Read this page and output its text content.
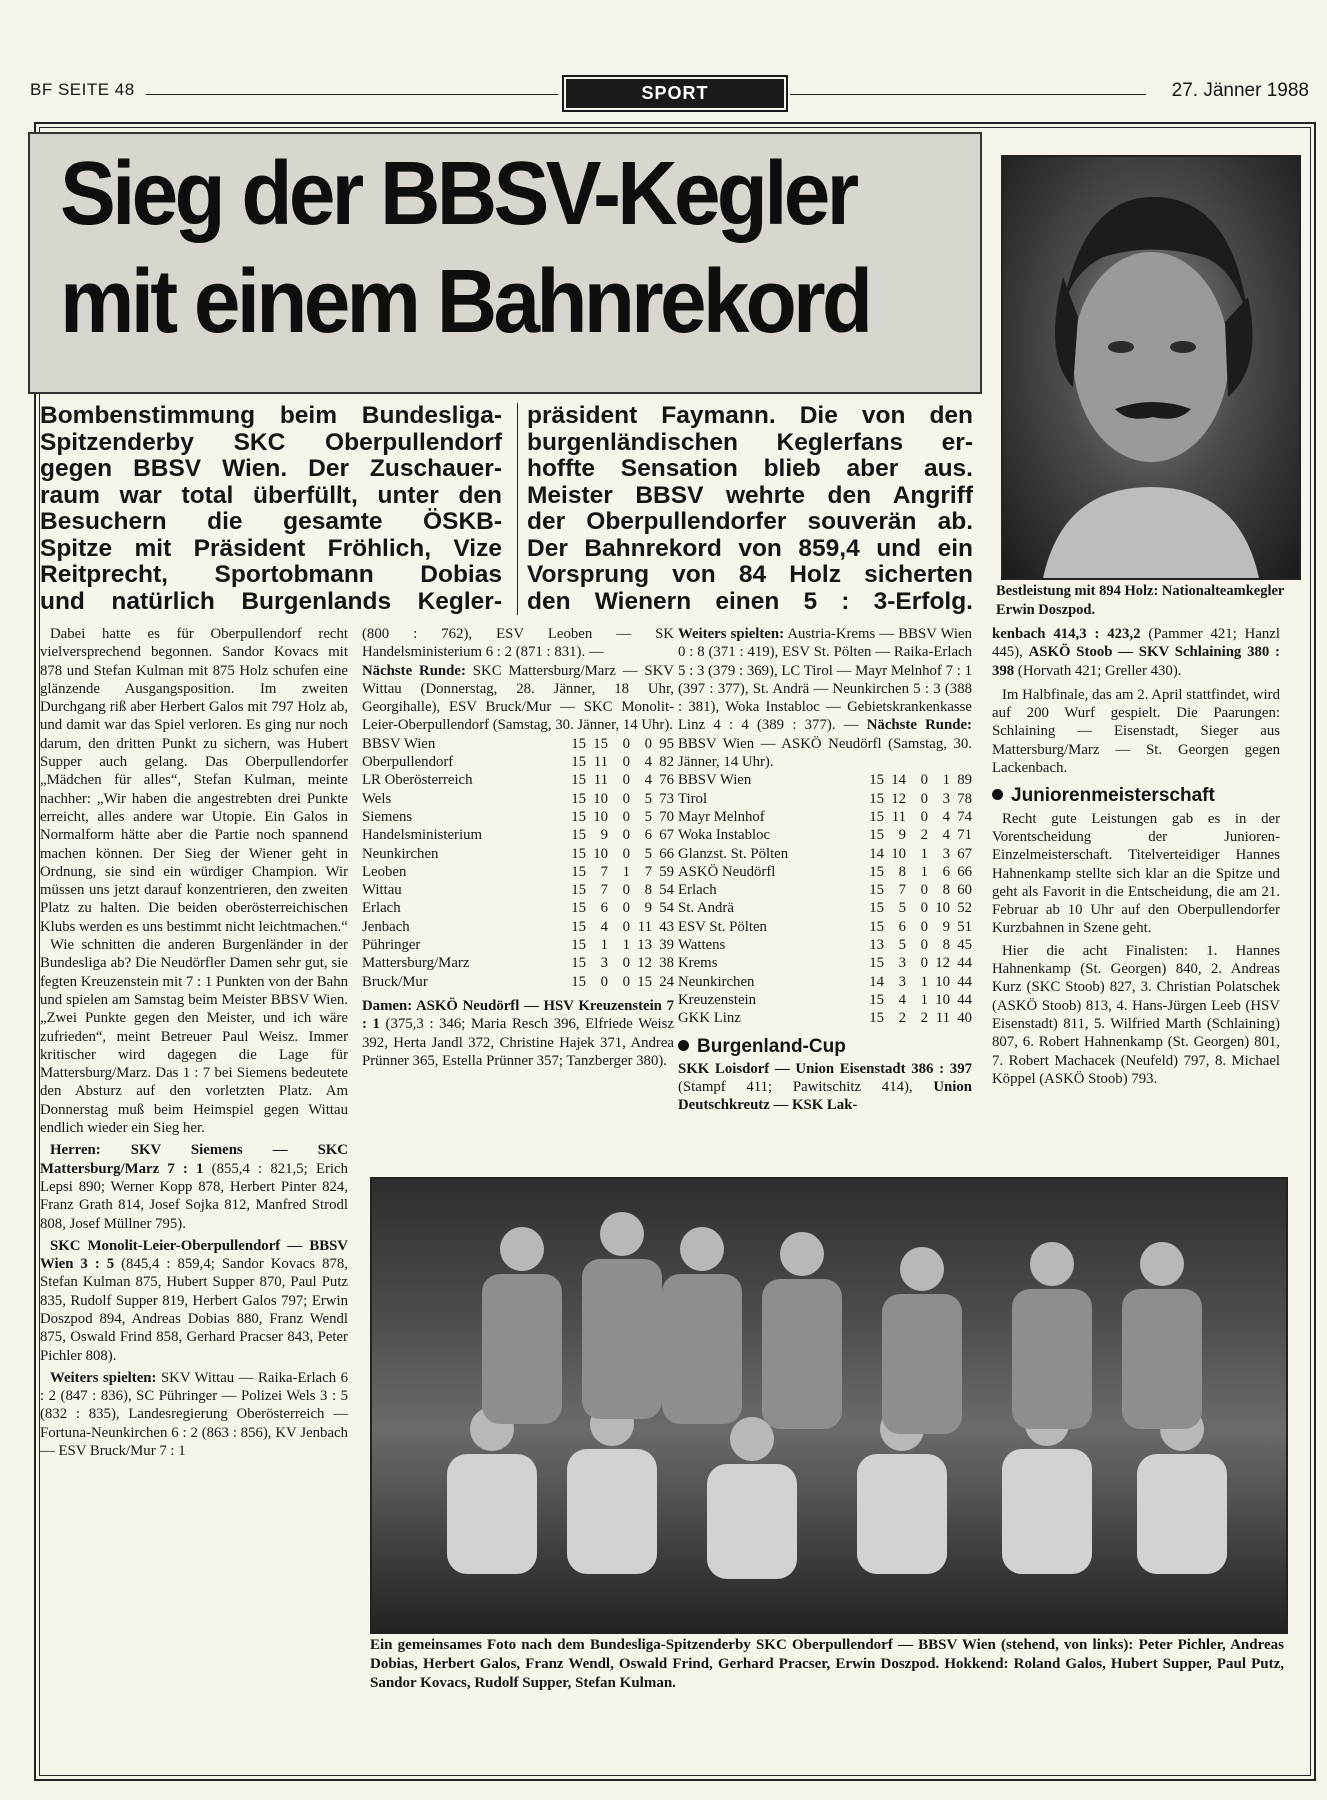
BF SEITE 48	SPORT	27. Jänner 1988
Sieg der BBSV-Kegler
mit einem Bahnrekord
Bestleistung mit 894 Holz: Nationalteamkegler Erwin Doszpod.
Bombenstimmung beim Bundesliga-
Spitzenderby SKC Oberpullendorf
gegen BBSV Wien. Der Zuschauer-
raum war total überfüllt, unter den
Besuchern die gesamte ÖSKB-
Spitze mit Präsident Fröhlich, Vize
Reitprecht, Sportobmann Dobias
und natürlich Burgenlands Kegler-
präsident Faymann. Die von den
burgenländischen Keglerfans er-
hoffte Sensation blieb aber aus.
Meister BBSV wehrte den Angriff
der Oberpullendorfer souverän ab.
Der Bahnrekord von 859,4 und ein
Vorsprung von 84 Holz sicherten
den Wienern einen 5 : 3-Erfolg.

Dabei hatte es für Oberpullendorf recht vielversprechend begonnen. Sandor Kovacs mit 878 und Stefan Kulman mit 875 Holz schufen eine glänzende Ausgangsposition. Im zweiten Durchgang riß aber Herbert Galos mit 797 Holz ab, und damit war das Spiel verloren. Es ging nur noch darum, den dritten Punkt zu sichern, was Hubert Supper auch gelang. Das Oberpullendorfer „Mädchen für alles“, Stefan Kulman, meinte nachher: „Wir haben die angestrebten drei Punkte erreicht, alles andere war Utopie. Ein Galos in Normalform hätte aber die Partie noch spannend machen können. Der Sieg der Wiener geht in Ordnung, sie sind ein würdiger Champion. Wir müssen uns jetzt darauf konzentrieren, den zweiten Platz zu halten. Die beiden oberösterreichischen Klubs werden es uns bestimmt nicht leichtmachen.“

Wie schnitten die anderen Burgenländer in der Bundesliga ab? Die Neudörfler Damen sehr gut, sie fegten Kreuzenstein mit 7 : 1 Punkten von der Bahn und spielen am Samstag beim Meister BBSV Wien. „Zwei Punkte gegen den Meister, und ich wäre zufrieden“, meint Betreuer Paul Weisz. Immer kritischer wird dagegen die Lage für Mattersburg/Marz. Das 1 : 7 bei Siemens bedeutete den Absturz auf den vorletzten Platz. Am Donnerstag muß beim Heimspiel gegen Wittau endlich wieder ein Sieg her.

Herren: SKV Siemens — SKC Mattersburg/Marz 7 : 1 (855,4 : 821,5; Erich Lepsi 890; Werner Kopp 878, Herbert Pinter 824, Franz Grath 814, Josef Sojka 812, Manfred Strodl 808, Josef Müllner 795).

SKC Monolit-Leier-Oberpullendorf — BBSV Wien 3 : 5 (845,4 : 859,4; Sandor Kovacs 878, Stefan Kulman 875, Hubert Supper 870, Paul Putz 835, Rudolf Supper 819, Herbert Galos 797; Erwin Doszpod 894, Andreas Dobias 880, Franz Wendl 875, Oswald Frind 858, Gerhard Pracser 843, Peter Pichler 808).

Weiters spielten: SKV Wittau — Raika-Erlach 6 : 2 (847 : 836), SC Pühringer — Polizei Wels 3 : 5 (832 : 835), Landesregierung Oberösterreich — Fortuna-Neunkirchen 6 : 2 (863 : 856), KV Jenbach — ESV Bruck/Mur 7 : 1

(800 : 762), ESV Leoben — SK Handelsministerium 6 : 2 (871 : 831). —

Nächste Runde: SKC Mattersburg/Marz — SKV Wittau (Donnerstag, 28. Jänner, 18 Uhr, Georgihalle), ESV Bruck/Mur — SKC Monolit-Leier-Oberpullendorf (Samstag, 30. Jänner, 14 Uhr).

BBSV Wien	15	15	0	0	95
Oberpullendorf	15	11	0	4	82
LR Oberösterreich	15	11	0	4	76
Wels	15	10	0	5	73
Siemens	15	10	0	5	70
Handelsministerium	15	9	0	6	67
Neunkirchen	15	10	0	5	66
Leoben	15	7	1	7	59
Wittau	15	7	0	8	54
Erlach	15	6	0	9	54
Jenbach	15	4	0	11	43
Pühringer	15	1	1	13	39
Mattersburg/Marz	15	3	0	12	38
Bruck/Mur	15	0	0	15	24

Damen: ASKÖ Neudörfl — HSV Kreuzenstein 7 : 1 (375,3 : 346; Maria Resch 396, Elfriede Weisz 392, Herta Jandl 372, Christine Hajek 371, Andrea Prünner 365, Estella Prünner 357; Tanzberger 380).

Weiters spielten: Austria-Krems — BBSV Wien 0 : 8 (371 : 419), ESV St. Pölten — Raika-Erlach 5 : 3 (379 : 369), LC Tirol — Mayr Melnhof 7 : 1 (397 : 377), St. Andrä — Neunkirchen 5 : 3 (388 : 381), Woka Instabloc — Gebietskrankenkasse Linz 4 : 4 (389 : 377). — Nächste Runde: BBSV Wien — ASKÖ Neudörfl (Samstag, 30. Jänner, 14 Uhr).

BBSV Wien	15	14	0	1	89
Tirol	15	12	0	3	78
Mayr Melnhof	15	11	0	4	74
Woka Instabloc	15	9	2	4	71
Glanzst. St. Pölten	14	10	1	3	67
ASKÖ Neudörfl	15	8	1	6	66
Erlach	15	7	0	8	60
St. Andrä	15	5	0	10	52
ESV St. Pölten	15	6	0	9	51
Wattens	13	5	0	8	45
Krems	15	3	0	12	44
Neunkirchen	14	3	1	10	44
Kreuzenstein	15	4	1	10	44
GKK Linz	15	2	2	11	40
Burgenland-Cup

SKK Loisdorf — Union Eisenstadt 386 : 397 (Stampf 411; Pawitschitz 414), Union Deutschkreutz — KSK Lak-

kenbach 414,3 : 423,2 (Pammer 421; Hanzl 445), ASKÖ Stoob — SKV Schlaining 380 : 398 (Horvath 421; Greller 430).

Im Halbfinale, das am 2. April stattfindet, wird auf 200 Wurf gespielt. Die Paarungen: Schlaining — Eisenstadt, Sieger aus Mattersburg/Marz — St. Georgen gegen Lackenbach.

Juniorenmeisterschaft

Recht gute Leistungen gab es in der Vorentscheidung der Junioren-Einzelmeisterschaft. Titelverteidiger Hannes Hahnenkamp stellte sich klar an die Spitze und geht als Favorit in die Entscheidung, die am 21. Februar ab 10 Uhr auf den Oberpullendorfer Kurzbahnen in Szene geht.

Hier die acht Finalisten: 1. Hannes Hahnenkamp (St. Georgen) 840, 2. Andreas Kurz (SKC Stoob) 827, 3. Christian Polatschek (ASKÖ Stoob) 813, 4. Hans-Jürgen Leeb (HSV Eisenstadt) 811, 5. Wilfried Marth (Schlaining) 807, 6. Robert Hahnenkamp (St. Georgen) 801, 7. Robert Machacek (Neufeld) 797, 8. Michael Köppel (ASKÖ Stoob) 793.

Ein gemeinsames Foto nach dem Bundesliga-Spitzenderby SKC Oberpullendorf — BBSV Wien (stehend, von links): Peter Pichler, Andreas Dobias, Herbert Galos, Franz Wendl, Oswald Frind, Gerhard Pracser, Erwin Doszpod. Hokkend: Roland Galos, Hubert Supper, Paul Putz, Sandor Kovacs, Rudolf Supper, Stefan Kulman.
